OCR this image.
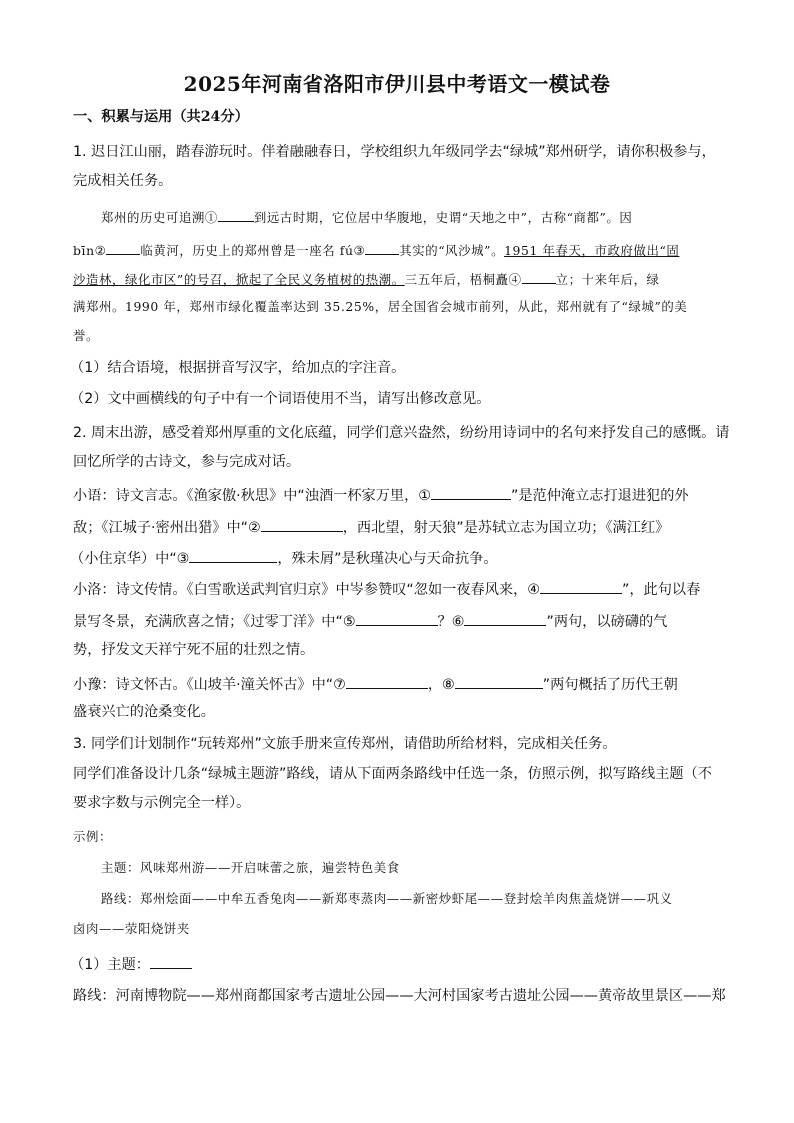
2025年河南省洛阳市伊川县中考语文一模试卷
一、积累与运用（共24分）
1. 迟日江山丽，踏春游玩时。伴着融融春日，学校组织九年级同学去“绿城”郑州研学，请你积极参与，
完成相关任务。
郑州的历史可追溯①	到远古时期，它位居中华腹地，史谓“天地之中”，古称“商都”。因
bīn②	临黄河，历史上的郑州曾是一座名 fú③	其实的“风沙城”。1951 年春天，市政府做出“固
沙造林，绿化市区”的号召，掀起了全民义务植树的热潮。三五年后，梧桐矗④	立；十来年后，绿
满郑州。1990 年，郑州市绿化覆盖率达到 35.25%，居全国省会城市前列，从此，郑州就有了“绿城”的美
誉。
（1）结合语境，根据拼音写汉字，给加点的字注音。
（2）文中画横线的句子中有一个词语使用不当，请写出修改意见。
2. 周末出游，感受着郑州厚重的文化底蕴，同学们意兴盎然，纷纷用诗词中的名句来抒发自己的感慨。请
回忆所学的古诗文，参与完成对话。
小语：诗文言志。《渔家傲·秋思》中“浊酒一杯家万里，①	”是范仲淹立志打退进犯的外
敌；《江城子·密州出猎》中“②	，西北望，射天狼”是苏轼立志为国立功；《满江红》
（小住京华）中“③	，殊未屑”是秋瑾决心与天命抗争。
小洛：诗文传情。《白雪歌送武判官归京》中岑参赞叹“忽如一夜春风来，④	”，此句以春
景写冬景，充满欣喜之情；《过零丁洋》中“⑤	？⑥	”两句，以磅礴的气
势，抒发文天祥宁死不屈的壮烈之情。
小豫：诗文怀古。《山坡羊·潼关怀古》中“⑦	，⑧	”两句概括了历代王朝
盛衰兴亡的沧桑变化。
3. 同学们计划制作“玩转郑州”文旅手册来宣传郑州，请借助所给材料，完成相关任务。
同学们准备设计几条“绿城主题游”路线，请从下面两条路线中任选一条，仿照示例，拟写路线主题（不
要求字数与示例完全一样）。
示例：
主题：风味郑州游——开启味蕾之旅，遍尝特色美食
路线：郑州烩面——中牟五香兔肉——新郑枣蒸肉——新密炒虾尾——登封烩羊肉焦盖烧饼——巩义
卤肉——荥阳烧饼夹
（1）主题：
路线：河南博物院——郑州商都国家考古遗址公园——大河村国家考古遗址公园——黄帝故里景区——郑
